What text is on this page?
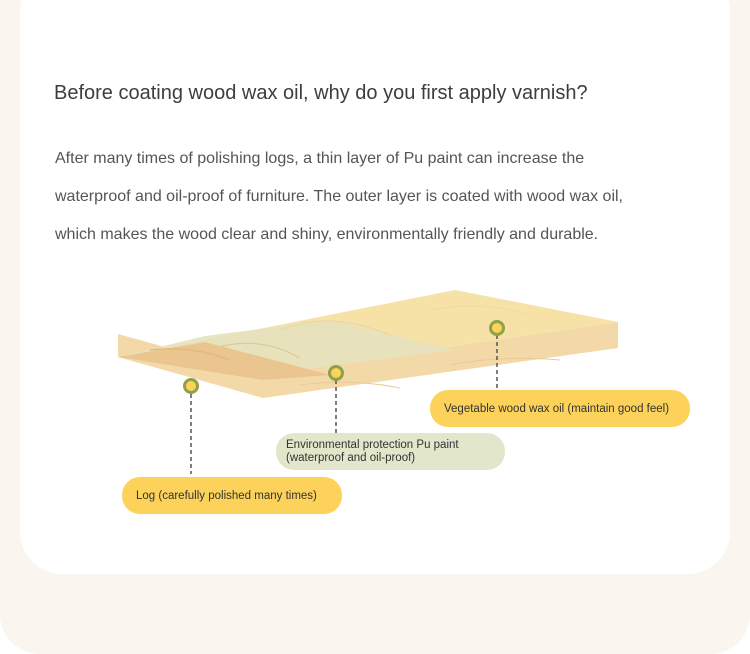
Before coating wood wax oil, why do you first apply varnish?
After many times of polishing logs, a thin layer of Pu paint can increase the
waterproof and oil-proof of furniture. The outer layer is coated with wood wax oil,
which makes the wood clear and shiny, environmentally friendly and durable.
Vegetable wood wax oil (maintain good feel)
Environmental protection Pu paint
(waterproof and oil-proof)
Log (carefully polished many times)
